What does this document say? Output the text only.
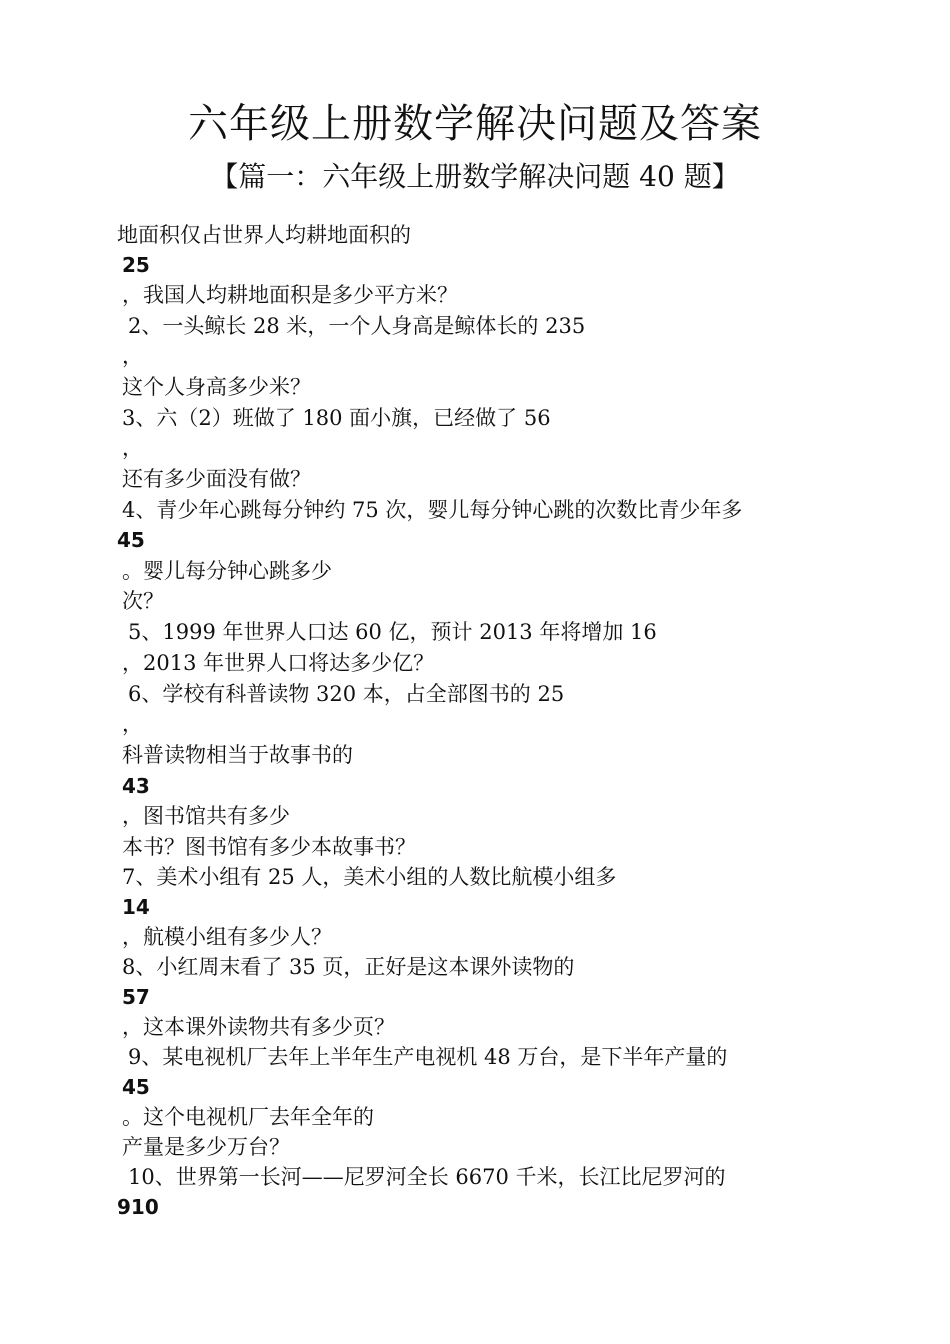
六年级上册数学解决问题及答案
【篇一：六年级上册数学解决问题 40 题】
地面积仅占世界人均耕地面积的
25
，我国人均耕地面积是多少平方米？
2、一头鲸长 28 米，一个人身高是鲸体长的 235
，
这个人身高多少米？
3、六（2）班做了 180 面小旗，已经做了 56
，
还有多少面没有做？
4、青少年心跳每分钟约 75 次，婴儿每分钟心跳的次数比青少年多
45
。婴儿每分钟心跳多少
次？
5、1999 年世界人口达 60 亿，预计 2013 年将增加 16
，2013 年世界人口将达多少亿？
6、学校有科普读物 320 本，占全部图书的 25
，
科普读物相当于故事书的
43
，图书馆共有多少
本书？图书馆有多少本故事书？
7、美术小组有 25 人，美术小组的人数比航模小组多
14
，航模小组有多少人？
8、小红周末看了 35 页，正好是这本课外读物的
57
，这本课外读物共有多少页？
9、某电视机厂去年上半年生产电视机 48 万台，是下半年产量的
45
。这个电视机厂去年全年的
产量是多少万台？
10、世界第一长河——尼罗河全长 6670 千米，长江比尼罗河的
910
